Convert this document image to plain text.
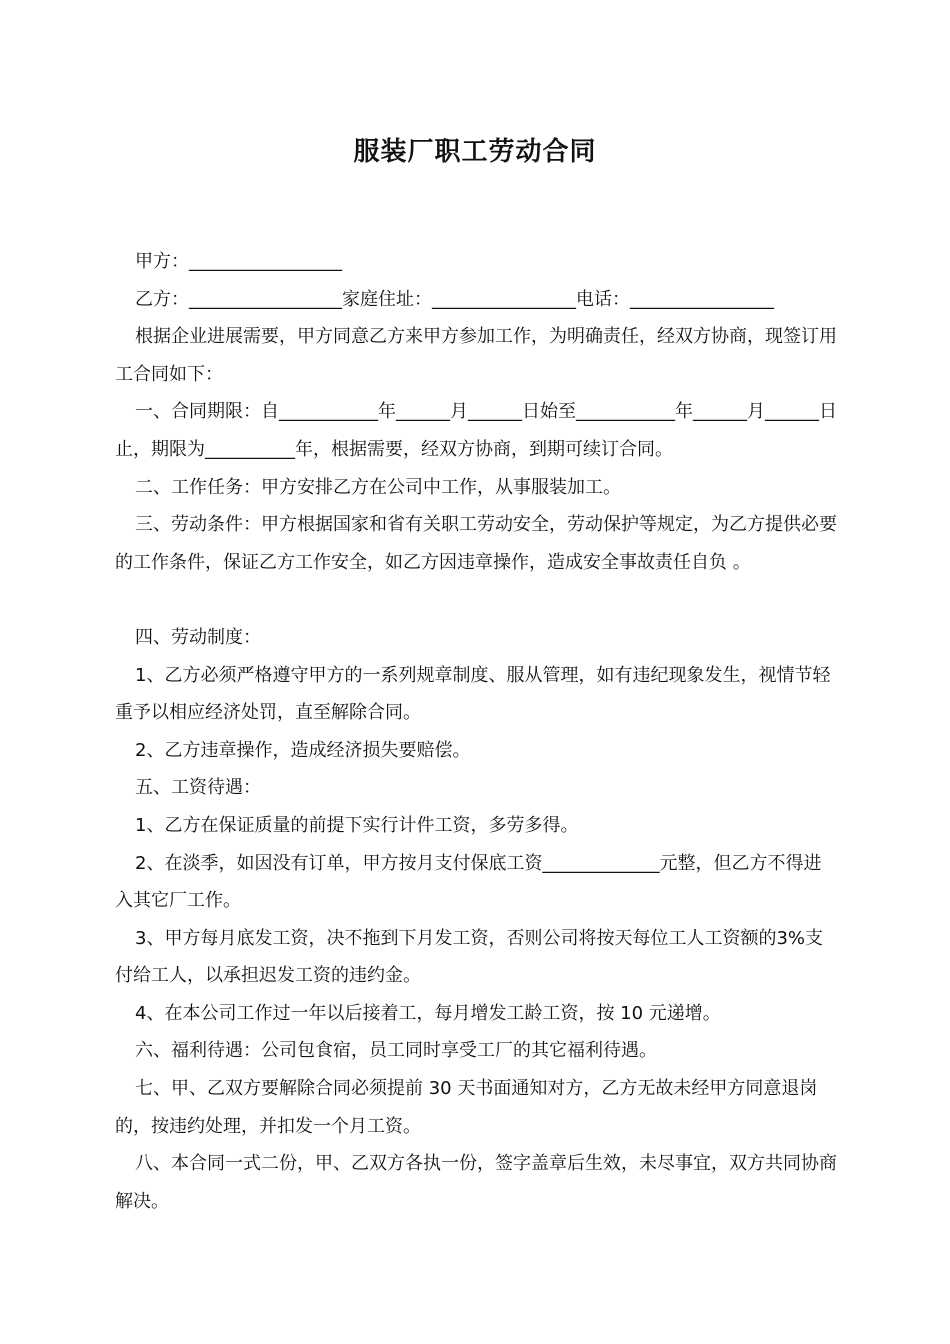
服装厂职工劳动合同

甲方：_________________

乙方：_________________家庭住址：________________电话：________________

根据企业进展需要，甲方同意乙方来甲方参加工作，为明确责任，经双方协商，现签订用工合同如下：

一、合同期限：自___________年______月______日始至___________年______月______日止，期限为__________年，根据需要，经双方协商，到期可续订合同。

二、工作任务：甲方安排乙方在公司中工作，从事服装加工。

三、劳动条件：甲方根据国家和省有关职工劳动安全，劳动保护等规定，为乙方提供必要的工作条件，保证乙方工作安全，如乙方因违章操作，造成安全事故责任自负 。

四、劳动制度：

1、乙方必须严格遵守甲方的一系列规章制度、服从管理，如有违纪现象发生，视情节轻重予以相应经济处罚，直至解除合同。

2、乙方违章操作，造成经济损失要赔偿。

五、工资待遇：

1、乙方在保证质量的前提下实行计件工资，多劳多得。

2、在淡季，如因没有订单，甲方按月支付保底工资_____________元整，但乙方不得进入其它厂工作。

3、甲方每月底发工资，决不拖到下月发工资，否则公司将按天每位工人工资额的3%支付给工人，以承担迟发工资的违约金。

4、在本公司工作过一年以后接着工，每月增发工龄工资，按 10 元递增。

六、福利待遇：公司包食宿，员工同时享受工厂的其它福利待遇。

七、甲、乙双方要解除合同必须提前 30 天书面通知对方，乙方无故未经甲方同意退岗的，按违约处理，并扣发一个月工资。

八、本合同一式二份，甲、乙双方各执一份，签字盖章后生效，未尽事宜，双方共同协商解决。
